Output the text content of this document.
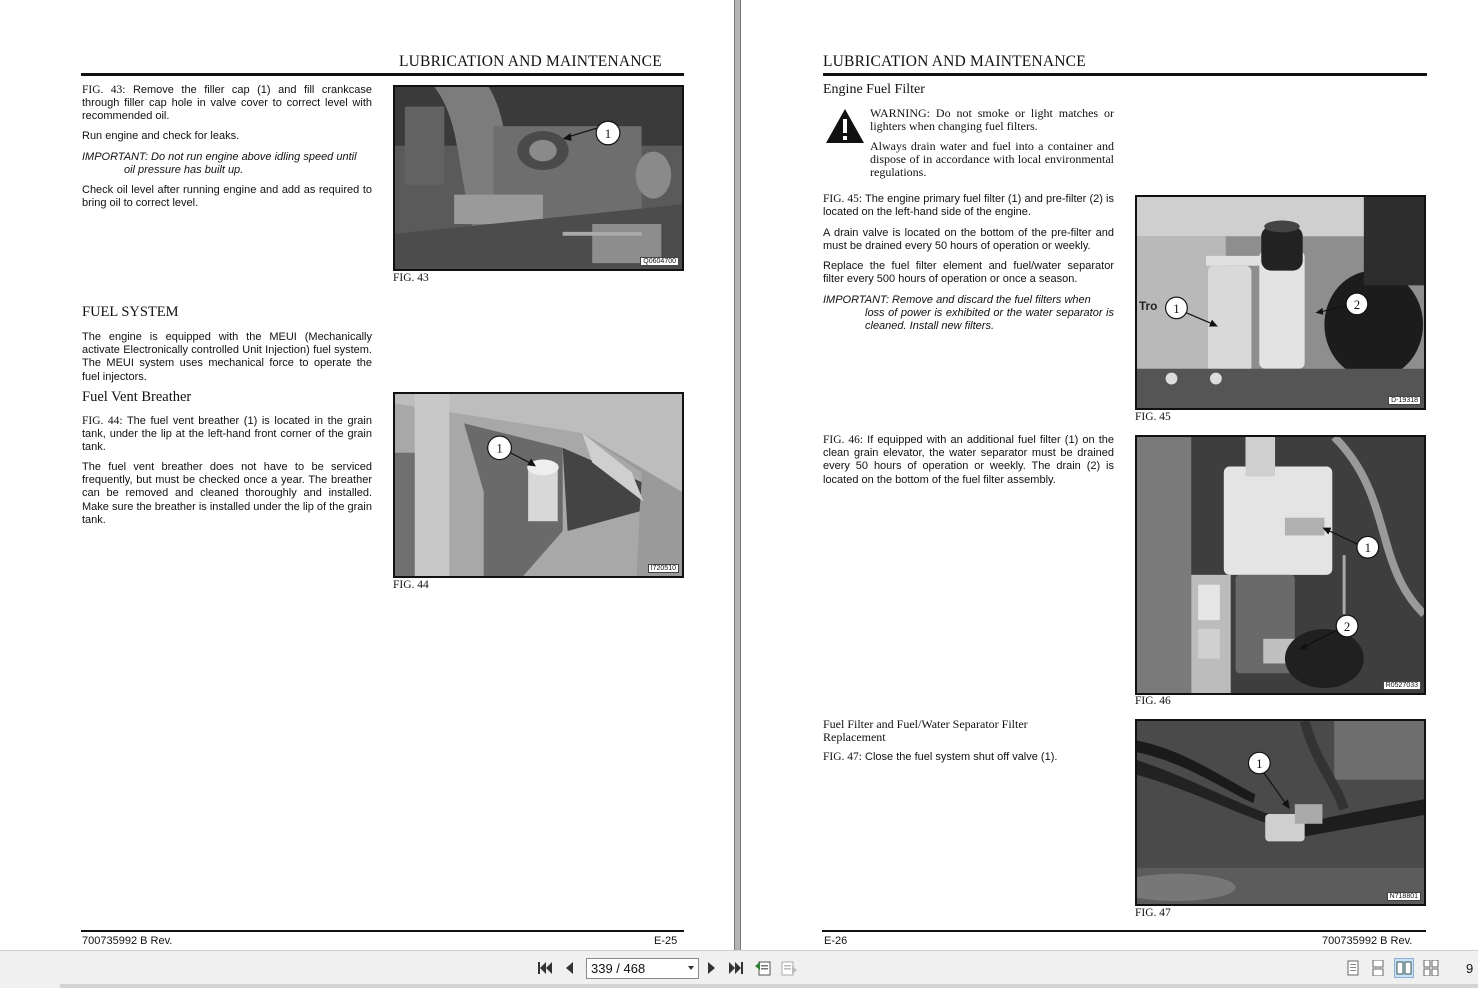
LUBRICATION AND MAINTENANCE

FIG. 43: Remove the filler cap (1) and fill crankcase through filler cap hole in valve cover to correct level with recommended oil.

Run engine and check for leaks.

IMPORTANT: Do not run engine above idling speed until
oil pressure has built up.

Check oil level after running engine and add as required to bring oil to correct level.

1
Q0604700
FIG. 43
FUEL SYSTEM

The engine is equipped with the MEUI (Mechanically activate Electronically controlled Unit Injection) fuel system. The MEUI system uses mechanical force to operate the fuel injectors.

Fuel Vent Breather

FIG. 44: The fuel vent breather (1) is located in the grain tank, under the lip at the left-hand front corner of the grain tank.

The fuel vent breather does not have to be serviced frequently, but must be checked once a year. The breather can be removed and cleaned thoroughly and installed. Make sure the breather is installed under the lip of the grain tank.

1
I720510
FIG. 44
700735992 B Rev.	E-25
LUBRICATION AND MAINTENANCE
Engine Fuel Filter

WARNING: Do not smoke or light matches or lighters when changing fuel filters.

Always drain water and fuel into a container and dispose of in accordance with local environmental regulations.

FIG. 45: The engine primary fuel filter (1) and pre-filter (2) is located on the left-hand side of the engine.

A drain valve is located on the bottom of the pre-filter and must be drained every 50 hours of operation or weekly.

Replace the fuel filter element and fuel/water separator filter every 500 hours of operation or once a season.

IMPORTANT: Remove and discard the fuel filters when
loss of power is exhibited or the water separator is cleaned. Install new filters.

Tro 1	2
D-19318
FIG. 45

FIG. 46: If equipped with an additional fuel filter (1) on the clean grain elevator, the water separator must be drained every 50 hours of operation or weekly. The drain (2) is located on the bottom of the fuel filter assembly.

1
2
R0527033
FIG. 46
Fuel Filter and Fuel/Water Separator Filter Replacement

FIG. 47: Close the fuel system shut off valve (1).

1
N718801
FIG. 47
E-26	700735992 B Rev.
339 / 468	9
